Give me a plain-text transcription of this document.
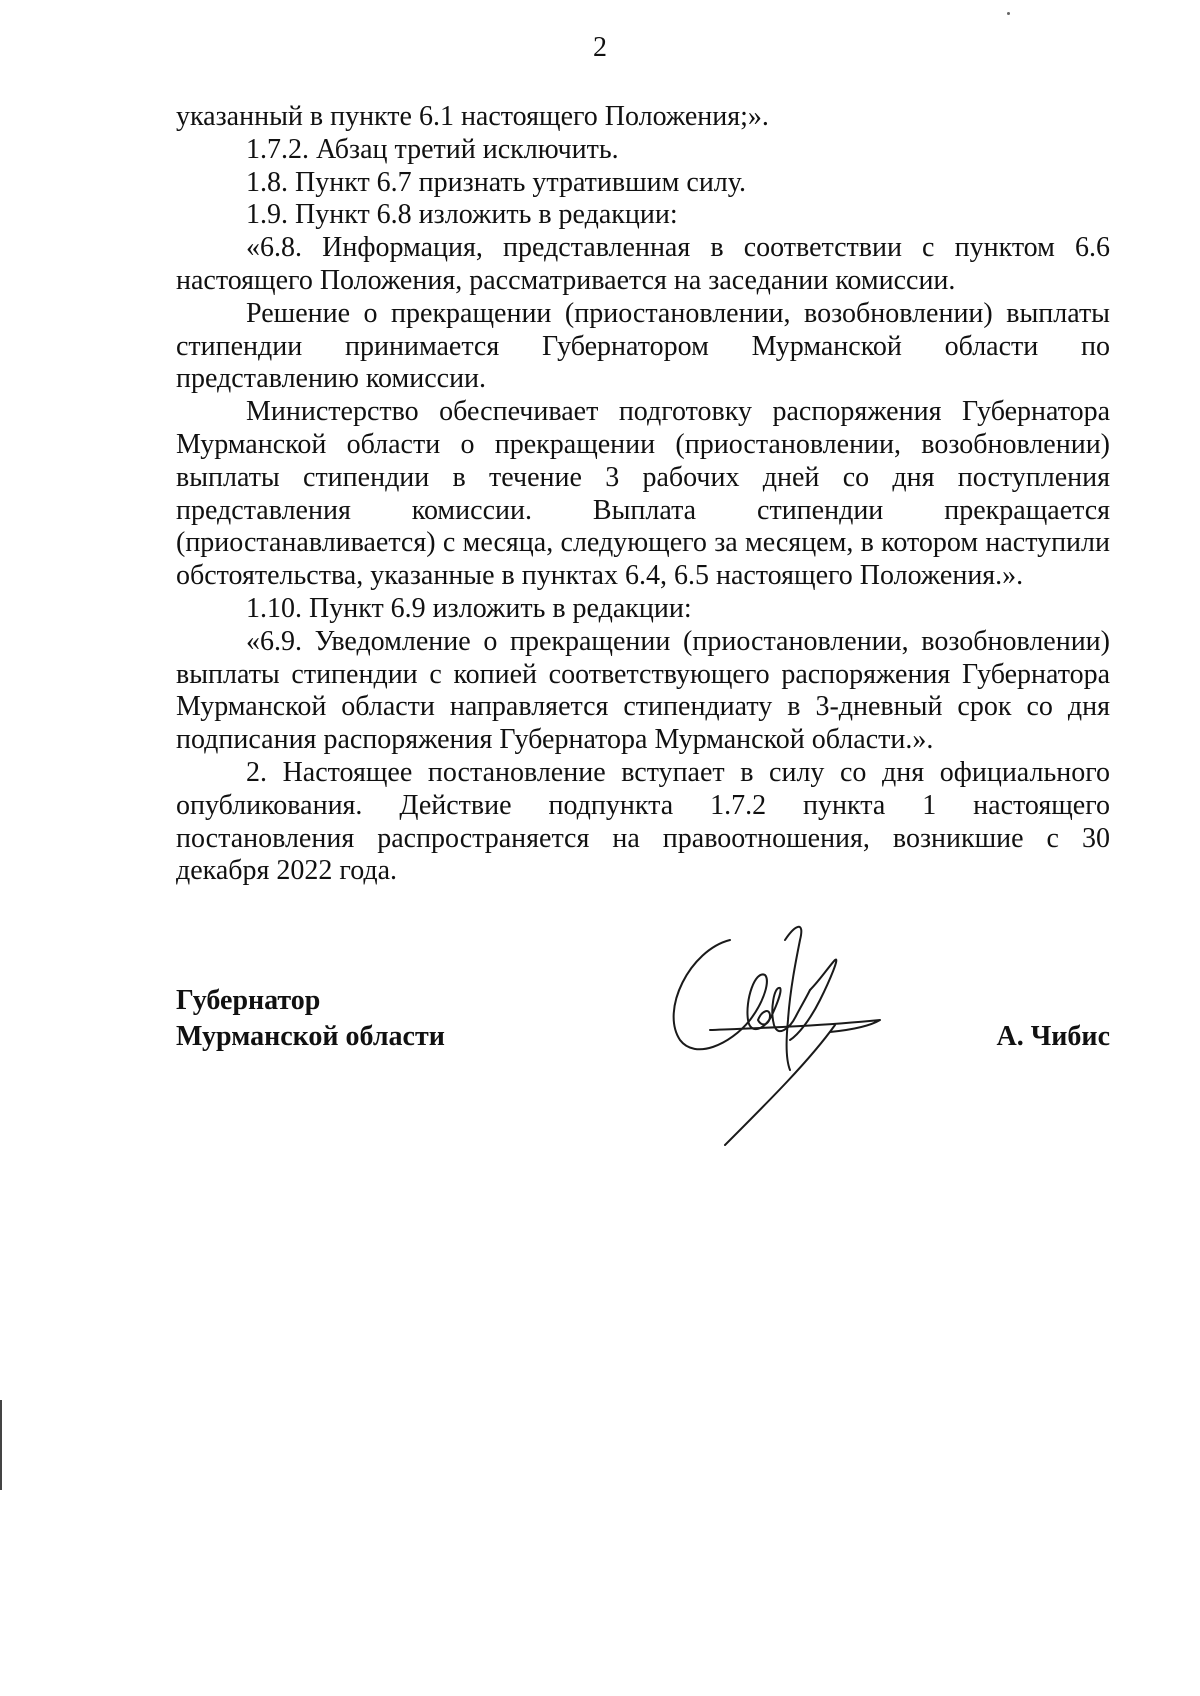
2

указанный в пункте 6.1 настоящего Положения;».

1.7.2. Абзац третий исключить.

1.8. Пункт 6.7 признать утратившим силу.

1.9. Пункт 6.8 изложить в редакции:

«6.8. Информация, представленная в соответствии с пунктом 6.6 настоящего Положения, рассматривается на заседании комиссии.

Решение о прекращении (приостановлении, возобновлении) выплаты стипендии принимается Губернатором Мурманской области по представлению комиссии.

Министерство обеспечивает подготовку распоряжения Губернатора Мурманской области о прекращении (приостановлении, возобновлении) выплаты стипендии в течение 3 рабочих дней со дня поступления представления комиссии. Выплата стипендии прекращается (приостанавливается) с месяца, следующего за месяцем, в котором наступили обстоятельства, указанные в пунктах 6.4, 6.5 настоящего Положения.».

1.10. Пункт 6.9 изложить в редакции:

«6.9. Уведомление о прекращении (приостановлении, возобновлении) выплаты стипендии с копией соответствующего распоряжения Губернатора Мурманской области направляется стипендиату в 3-дневный срок со дня подписания распоряжения Губернатора Мурманской области.».

2. Настоящее постановление вступает в силу со дня официального опубликования. Действие подпункта 1.7.2 пункта 1 настоящего постановления распространяется на правоотношения, возникшие с 30 декабря 2022 года.

Губернатор
Мурманской области	А. Чибис
